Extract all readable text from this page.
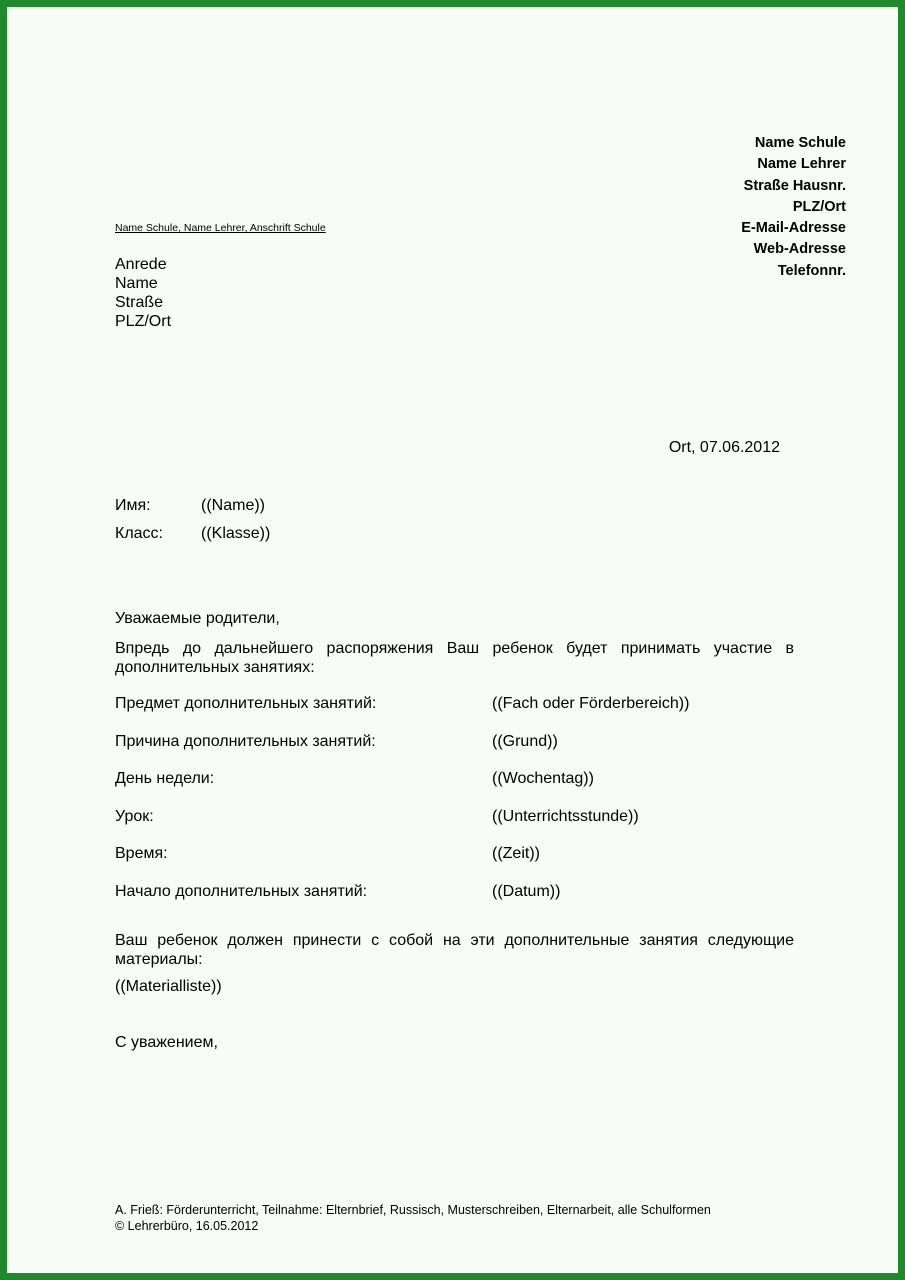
Name Schule
Name Lehrer
Straße Hausnr.
PLZ/Ort
E-Mail-Adresse
Web-Adresse
Telefonnr.
Name Schule, Name Lehrer, Anschrift Schule
Anrede
Name
Straße
PLZ/Ort
Ort, 07.06.2012
Имя:	((Name))
Класс: ((Klasse))
Уважаемые родители,
Впредь до дальнейшего распоряжения Ваш ребенок будет принимать участие в дополнительных занятиях:
Предмет дополнительных занятий:	((Fach oder Förderbereich))
Причина дополнительных занятий:	((Grund))
День недели:	((Wochentag))
Урок:	((Unterrichtsstunde))
Время:	((Zeit))
Начало дополнительных занятий:	((Datum))
Ваш ребенок должен принести с собой на эти дополнительные занятия следующие материалы:
((Materialliste))
С уважением,
A. Frieß: Förderunterricht, Teilnahme: Elternbrief, Russisch, Musterschreiben, Elternarbeit, alle Schulformen
© Lehrerbüro, 16.05.2012
